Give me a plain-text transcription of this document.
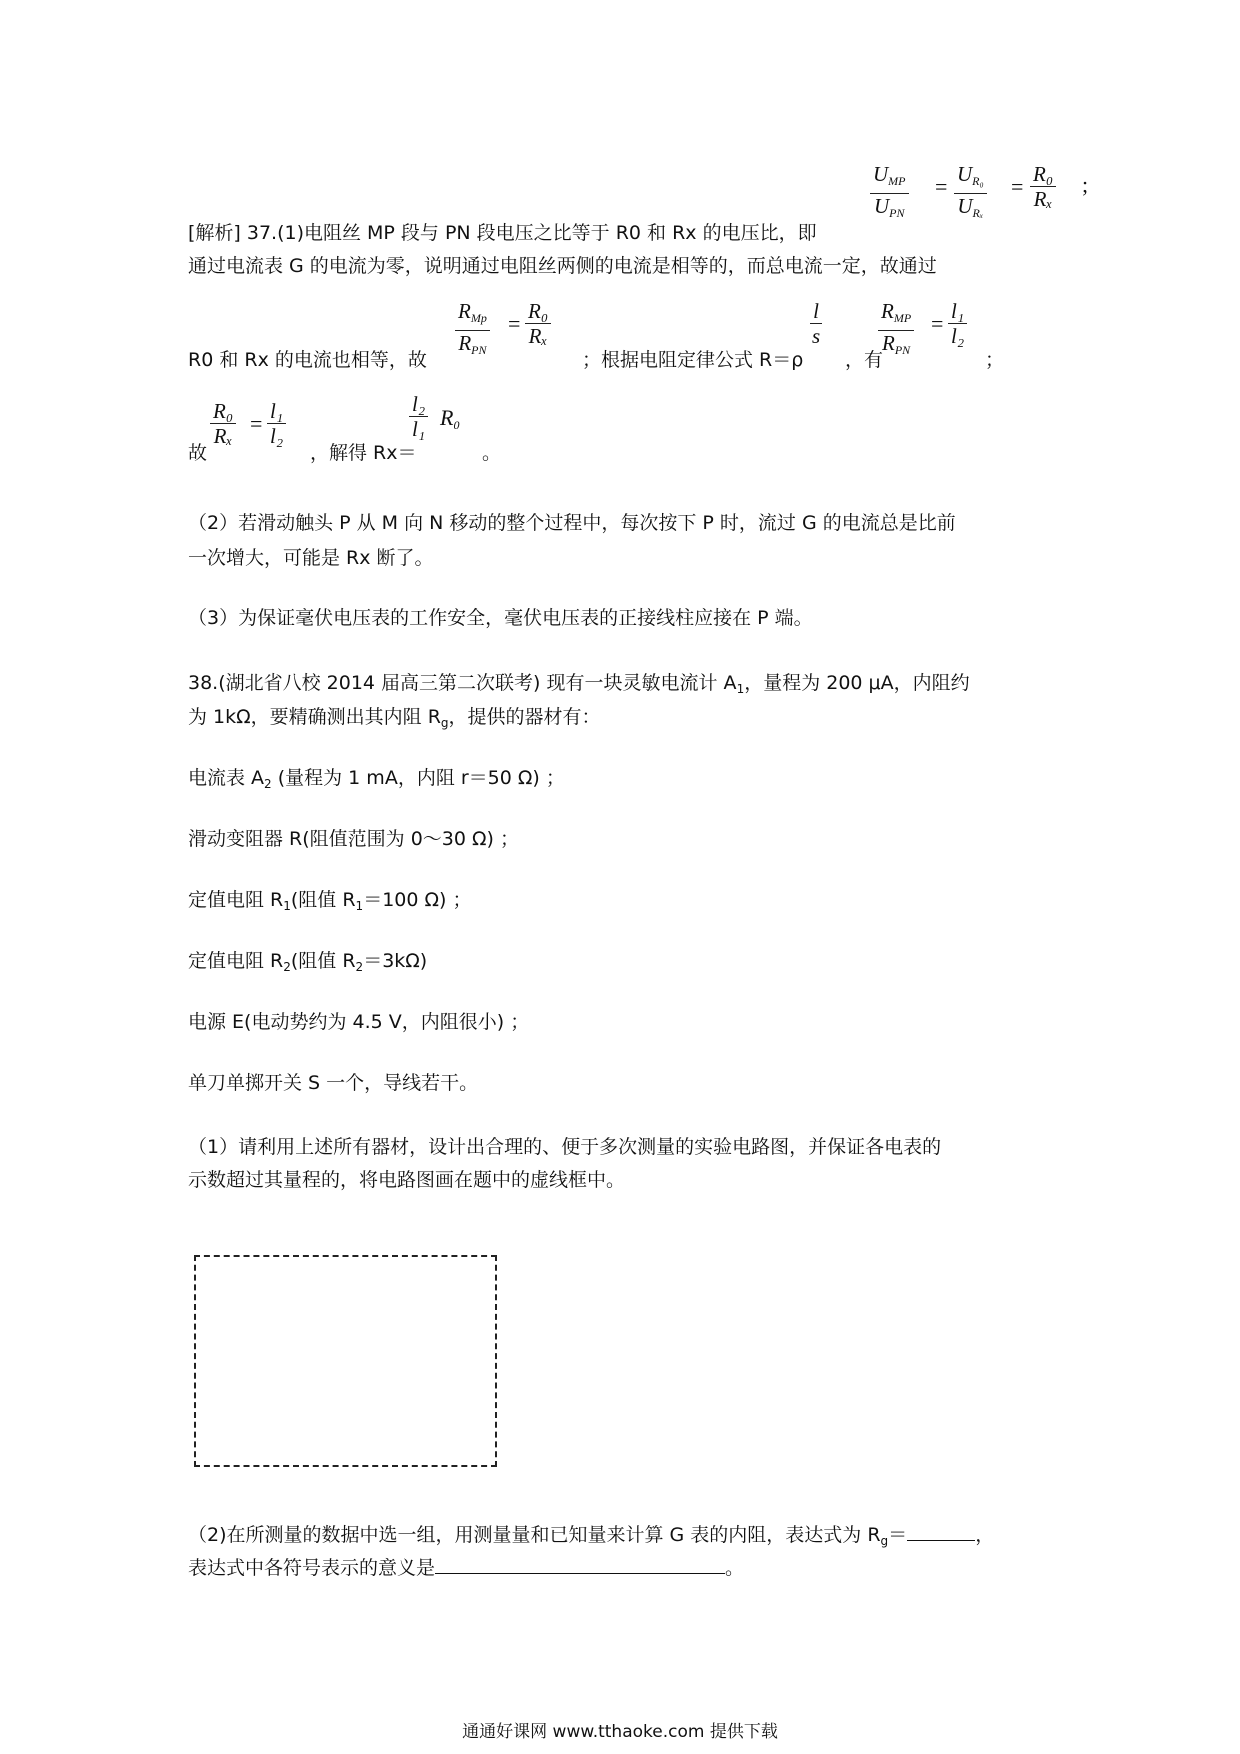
$U_{MP}$
$U_{PN}$
= $U_{R_0}$
$U_{R_x}$
= $\frac{\text{R₀}}{\text{Rₓ}}$ ;
[解析] 37.(1)电阻丝 MP 段与 PN 段电压之比等于 R0 和 Rx 的电压比，即
通过电流表 G 的电流为零，说明通过电阻丝两侧的电流是相等的，而总电流一定，故通过
$R_{Mp}$
$R_{PN}$
= $\frac{\text{R₀}}{\text{Rₓ}}$	$\frac{l}{s}$	$R_{MP}$
$R_{PN}$
= $\frac{\text{l₁}}{\text{l₂}}$
R0 和 Rx 的电流也相等，故	；根据电阻定律公式 R＝ρ ，有	；
$\frac{\text{R₀}}{\text{Rₓ}} = \frac{\text{l₁}}{\text{l₂}}$	$\frac{\text{l₂}}{\text{l₁}} R_0$
故	，解得 Rx＝	。
（2）若滑动触头 P 从 M 向 N 移动的整个过程中，每次按下 P 时，流过 G 的电流总是比前
一次增大，可能是 Rx 断了。
（3）为保证毫伏电压表的工作安全，毫伏电压表的正接线柱应接在 P 端。
38.(湖北省八校 2014 届高三第二次联考) 现有一块灵敏电流计 $A_1$，量程为 200 μA，内阻约
为 1kΩ，要精确测出其内阻 $R_g$，提供的器材有：
电流表 $A_2$ (量程为 1 mA，内阻 r＝50 Ω) ；
滑动变阻器 R(阻值范围为 0～30 Ω) ；
定值电阻 $R_1$(阻值 $R_1=100$ Ω) ；
定值电阻 $R_2$(阻值 $R_2=3k\Omega$)
电源 E(电动势约为 4.5 V，内阻很小) ；
单刀单掷开关 S 一个，导线若干。
（1）请利用上述所有器材，设计出合理的、便于多次测量的实验电路图，并保证各电表的
示数超过其量程的，将电路图画在题中的虚线框中。
（2)在所测量的数据中选一组，用测量量和已知量来计算 G 表的内阻，表达式为 $R_g=$	，
表达式中各符号表示的意义是	。
通通好课网 www.tthaoke.com 提供下载
